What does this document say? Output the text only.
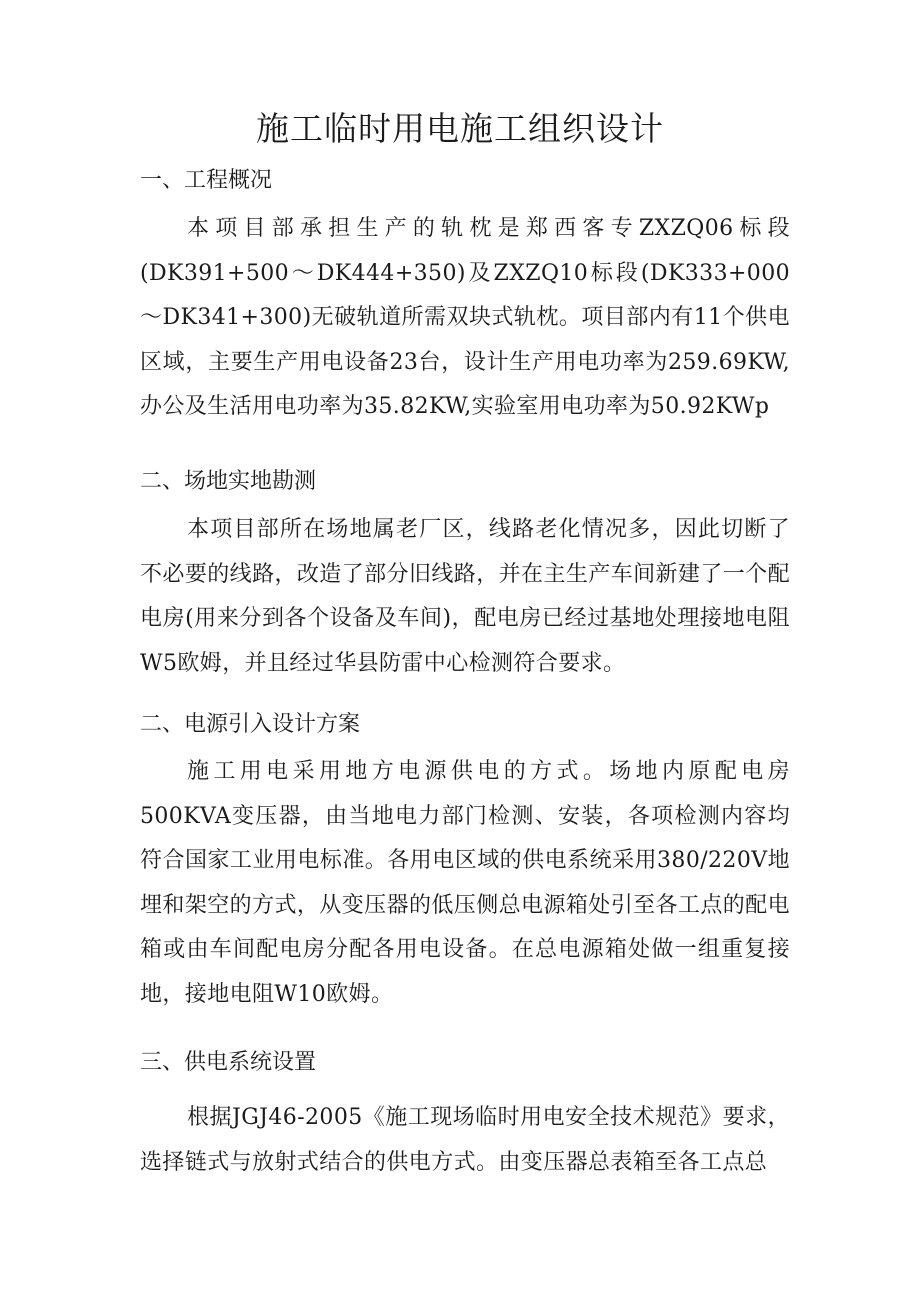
施工临时用电施工组织设计
一、工程概况
本项目部承担生产的轨枕是郑西客专ZXZQ06标段(DK391+500～DK444+350)及ZXZQ10标段(DK333+000～DK341+300)无破轨道所需双块式轨枕。项目部内有11个供电区域，主要生产用电设备23台，设计生产用电功率为259.69KW,办公及生活用电功率为35.82KW,实验室用电功率为50.92KWp
二、场地实地勘测
本项目部所在场地属老厂区，线路老化情况多，因此切断了不必要的线路，改造了部分旧线路，并在主生产车间新建了一个配电房(用来分到各个设备及车间)，配电房已经过基地处理接地电阻W5欧姆，并且经过华县防雷中心检测符合要求。
二、电源引入设计方案
施工用电采用地方电源供电的方式。场地内原配电房500KVA变压器，由当地电力部门检测、安装，各项检测内容均符合国家工业用电标准。各用电区域的供电系统采用380/220V地埋和架空的方式，从变压器的低压侧总电源箱处引至各工点的配电箱或由车间配电房分配各用电设备。在总电源箱处做一组重复接地，接地电阻W10欧姆。
三、供电系统设置
根据JGJ46-2005《施工现场临时用电安全技术规范》要求，选择链式与放射式结合的供电方式。由变压器总表箱至各工点总
